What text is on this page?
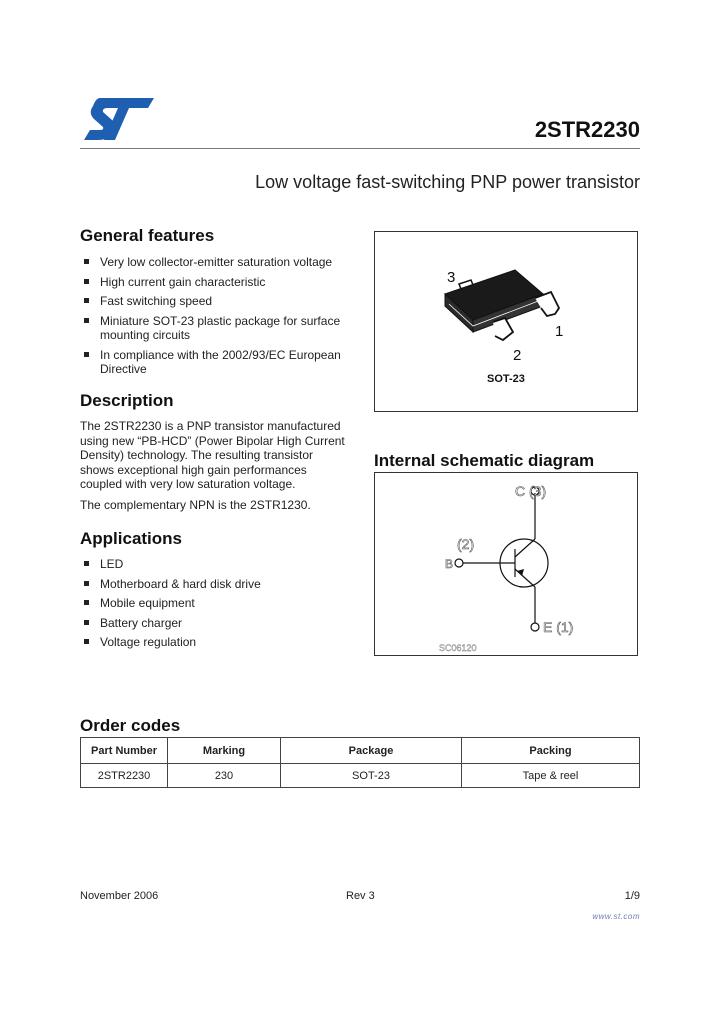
ST
2STR2230
Low voltage fast-switching PNP power transistor
General features
Very low collector-emitter saturation voltage
High current gain characteristic
Fast switching speed
Miniature SOT-23 plastic package for surface
mounting circuits
In compliance with the 2002/93/EC European
Directive
Description
The 2STR2230 is a PNP transistor manufactured
using new “PB-HCD” (Power Bipolar High Current
Density) technology. The resulting transistor
shows exceptional high gain performances
coupled with very low saturation voltage.
The complementary NPN is the 2STR1230.
Applications
LED
Motherboard & hard disk drive
Mobile equipment
Battery charger
Voltage regulation
3
1
2
SOT-23
Internal schematic diagram
C (3)
(2)
B
E (1)
SC06120
Order codes
Part Number	Marking	Package	Packing
2STR2230	230	SOT-23	Tape & reel
November 2006	Rev 3	1/9
www.st.com
